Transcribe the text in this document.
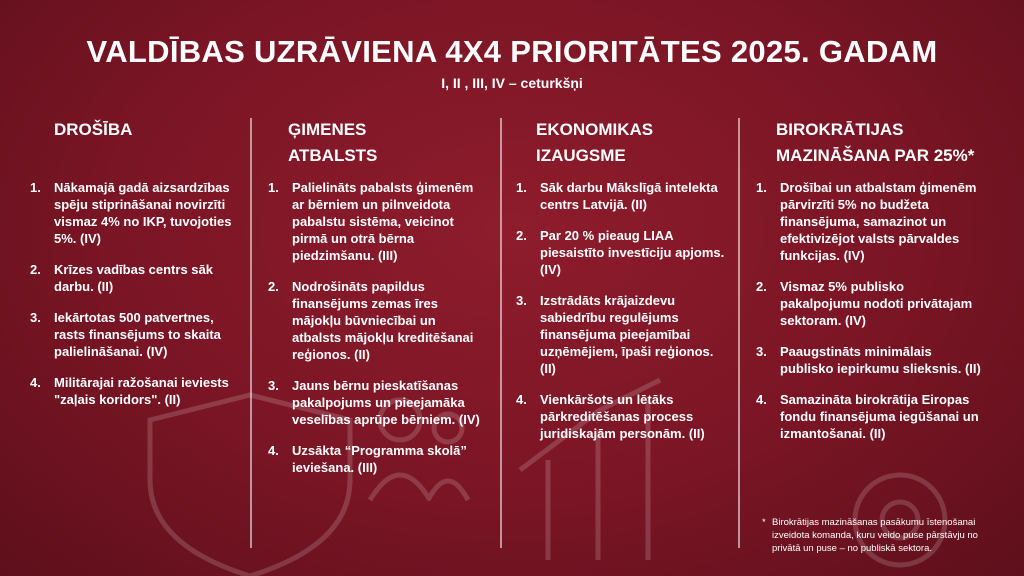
VALDĪBAS UZRĀVIENA 4X4 PRIORITĀTES 2025. GADAM
I, II , III, IV – ceturkšņi
DROŠĪBA
1.	Nākamajā gadā aizsardzības
spēju stiprināšanai novirzīti
vismaz 4% no IKP, tuvojoties
5%. (IV)
2.	Krīzes vadības centrs sāk
darbu. (II)
3.	Iekārtotas 500 patvertnes,
rasts finansējums to skaita
palielināšanai. (IV)
4.	Militārajai ražošanai ieviests
"zaļais koridors". (II)
ĢIMENES
ATBALSTS
1.	Palielināts pabalsts ģimenēm
ar bērniem un pilnveidota
pabalstu sistēma, veicinot
pirmā un otrā bērna
piedzimšanu. (III)
2.	Nodrošināts papildus
finansējums zemas īres
mājokļu būvniecībai un
atbalsts mājokļu kreditēšanai
reģionos. (II)
3.	Jauns bērnu pieskatīšanas
pakalpojums un pieejamāka
veselības aprūpe bērniem. (IV)
4.	Uzsākta “Programma skolā”
ieviešana. (III)
EKONOMIKAS
IZAUGSME
1.	Sāk darbu Mākslīgā intelekta
centrs Latvijā. (II)
2.	Par 20 % pieaug LIAA
piesaistīto investīciju apjoms.
(IV)
3.	Izstrādāts krājaizdevu
sabiedrību regulējums
finansējuma pieejamībai
uzņēmējiem, īpaši reģionos.
(II)
4.	Vienkāršots un lētāks
pārkreditēšanas process
juridiskajām personām. (II)
BIROKRĀTIJAS
MAZINĀŠANA PAR 25%*
1.	Drošībai un atbalstam ģimenēm
pārvirzīti 5% no budžeta
finansējuma, samazinot un
efektivizējot valsts pārvaldes
funkcijas. (IV)
2.	Vismaz 5% publisko
pakalpojumu nodoti privātajam
sektoram. (IV)
3.	Paaugstināts minimālais
publisko iepirkumu slieksnis. (II)
4.	Samazināta birokrātija Eiropas
fondu finansējuma iegūšanai un
izmantošanai. (II)
* Birokrātijas mazināšanas pasākumu īstenošanai
izveidota komanda, kuru veido puse pārstāvju no
privātā un puse – no publiskā sektora.
